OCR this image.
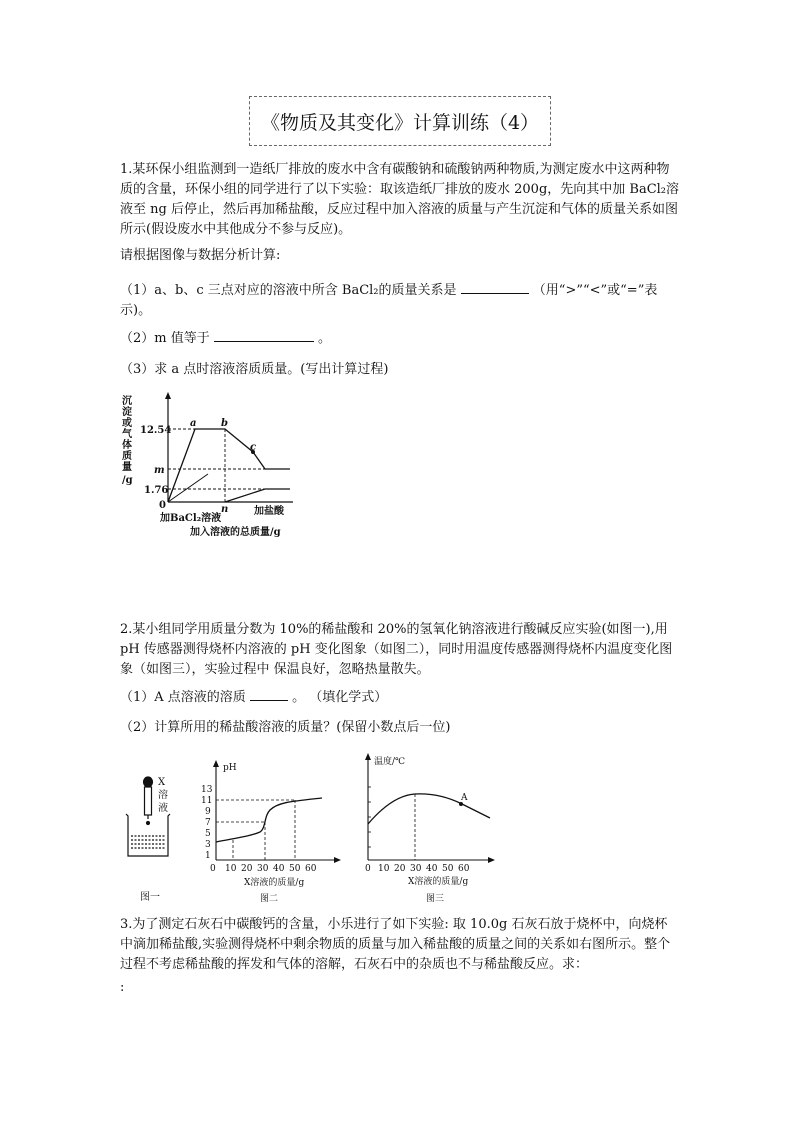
《物质及其变化》计算训练（4）

1.某环保小组监测到一造纸厂排放的废水中含有碳酸钠和硫酸钠两种物质,为测定废水中这两种物质的含量，环保小组的同学进行了以下实验：取该造纸厂排放的废水 200g，先向其中加 BaCl₂溶液至 ng 后停止，然后再加稀盐酸，反应过程中加入溶液的质量与产生沉淀和气体的质量关系如图所示(假设废水中其他成分不参与反应)。

请根据图像与数据分析计算:

（1）a、b、c 三点对应的溶液中所含 BaCl₂的质量关系是	（用“>”“<”或“=”表示)。

（2）m 值等于	。

（3）求 a 点时溶液溶质质量。(写出计算过程)

沉
淀
或
气
体
质
量
/g
12.54
m
1.76
0
a b
c
n
加BaCl₂溶液
加盐酸
加入溶液的总质量/g

2.某小组同学用质量分数为 10%的稀盐酸和 20%的氢氧化钠溶液进行酸碱反应实验(如图一),用 pH 传感器测得烧杯内溶液的 pH 变化图象（如图二），同时用温度传感器测得烧杯内温度变化图象（如图三），实验过程中 保温良好，忽略热量散失。

（1）A 点溶液的溶质	。 （填化学式）

（2）计算所用的稀盐酸溶液的质量？(保留小数点后一位)

X
溶
液
图一
pH
13
11
9
7
5
3
1
0 10 20 30 40 50 60
X溶液的质量/g
图二
温度/℃
A
0 10 20 30 40 50 60
X溶液的质量/g
图三

3.为了测定石灰石中碳酸钙的含量，小乐进行了如下实验: 取 10.0g 石灰石放于烧杯中，向烧杯中滴加稀盐酸,实验测得烧杯中剩余物质的质量与加入稀盐酸的质量之间的关系如右图所示。整个过程不考虑稀盐酸的挥发和气体的溶解，石灰石中的杂质也不与稀盐酸反应。求：

:
